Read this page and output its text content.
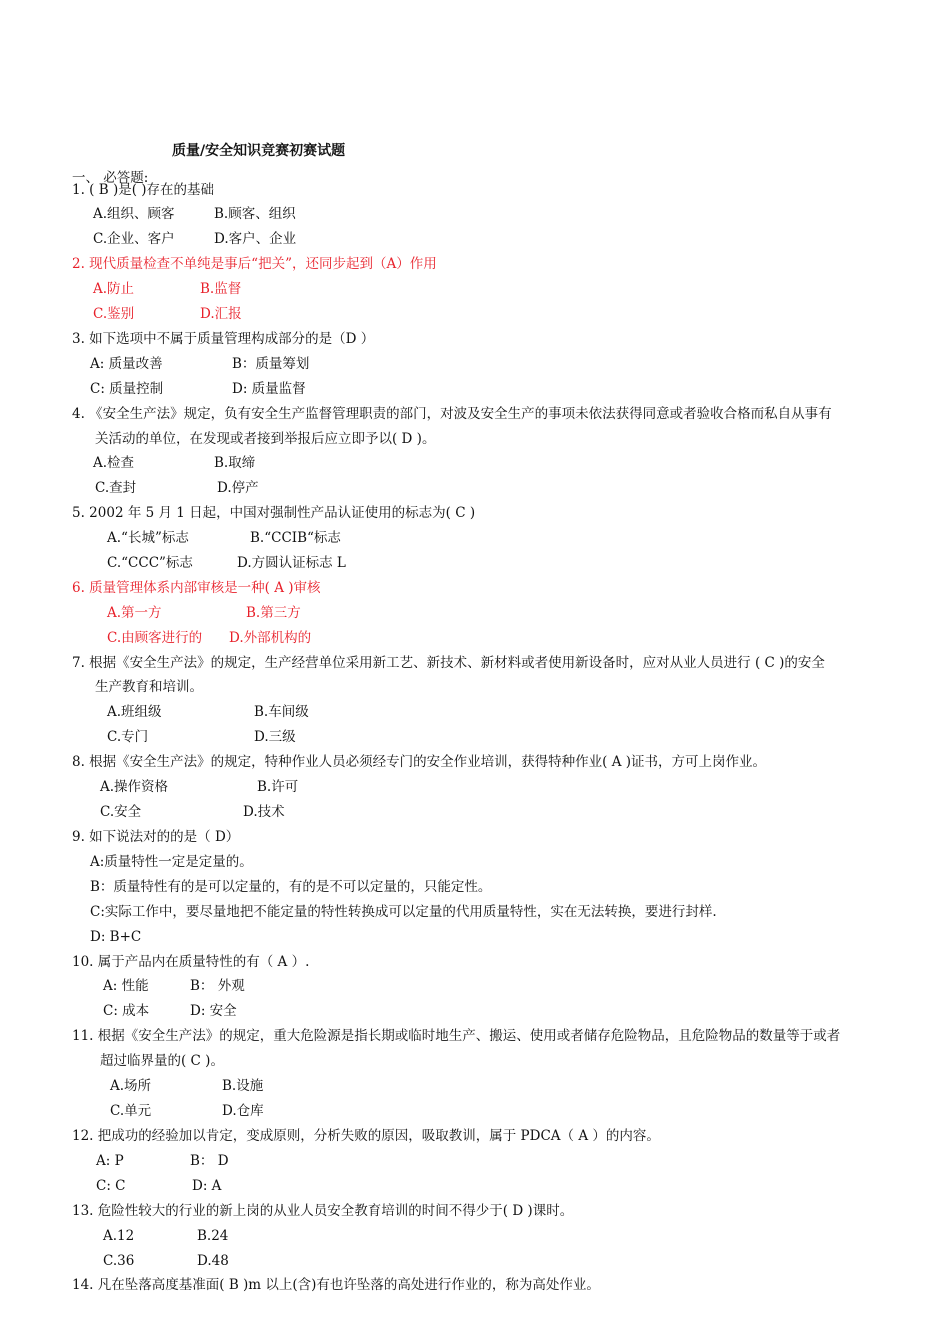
质量/安全知识竞赛初赛试题
一、 必答题:
1. ( B )是( )存在的基础
A.组织、顾客	B.顾客、组织
C.企业、客户	D.客户、企业
2. 现代质量检查不单纯是事后“把关”，还同步起到（A）作用
A.防止	B.监督
C.鉴别	D.汇报
3. 如下选项中不属于质量管理构成部分的是（D ）
A: 质量改善	B：质量筹划
C: 质量控制	D: 质量监督
4. 《安全生产法》规定，负有安全生产监督管理职责的部门，对波及安全生产的事项未依法获得同意或者验收合格而私自从事有
关活动的单位，在发现或者接到举报后应立即予以( D )。
A.检查	B.取缔
C.查封	D.停产
5. 2002 年 5 月 1 日起，中国对强制性产品认证使用的标志为( C )
A.“长城”标志	B.“CCIB“标志
C.“CCC”标志	D.方圆认证标志 L
6. 质量管理体系内部审核是一种( A )审核
A.第一方	B.第三方
C.由顾客进行的 D.外部机构的
7. 根据《安全生产法》的规定，生产经营单位采用新工艺、新技术、新材料或者使用新设备时，应对从业人员进行 ( C )的安全
生产教育和培训。
A.班组级	B.车间级
C.专门	D.三级
8. 根据《安全生产法》的规定，特种作业人员必须经专门的安全作业培训，获得特种作业( A )证书，方可上岗作业。
A.操作资格	B.许可
C.安全	D.技术
9. 如下说法对的的是（ D）
A:质量特性一定是定量的。
B：质量特性有的是可以定量的，有的是不可以定量的，只能定性。
C:实际工作中，要尽量地把不能定量的特性转换成可以定量的代用质量特性，实在无法转换，要进行封样.
D: B+C
10. 属于产品内在质量特性的有（ A ）.
A: 性能	B： 外观
C: 成本	D: 安全
11. 根据《安全生产法》的规定，重大危险源是指长期或临时地生产、搬运、使用或者储存危险物品，且危险物品的数量等于或者
超过临界量的( C )。
A.场所	B.设施
C.单元	D.仓库
12. 把成功的经验加以肯定，变成原则，分析失败的原因，吸取教训，属于 PDCA（ A ）的内容。
A: P	B： D
C: C	D: A
13. 危险性较大的行业的新上岗的从业人员安全教育培训的时间不得少于( D )课时。
A.12	B.24
C.36	D.48
14. 凡在坠落高度基准面( B )m 以上(含)有也许坠落的高处进行作业的，称为高处作业。
